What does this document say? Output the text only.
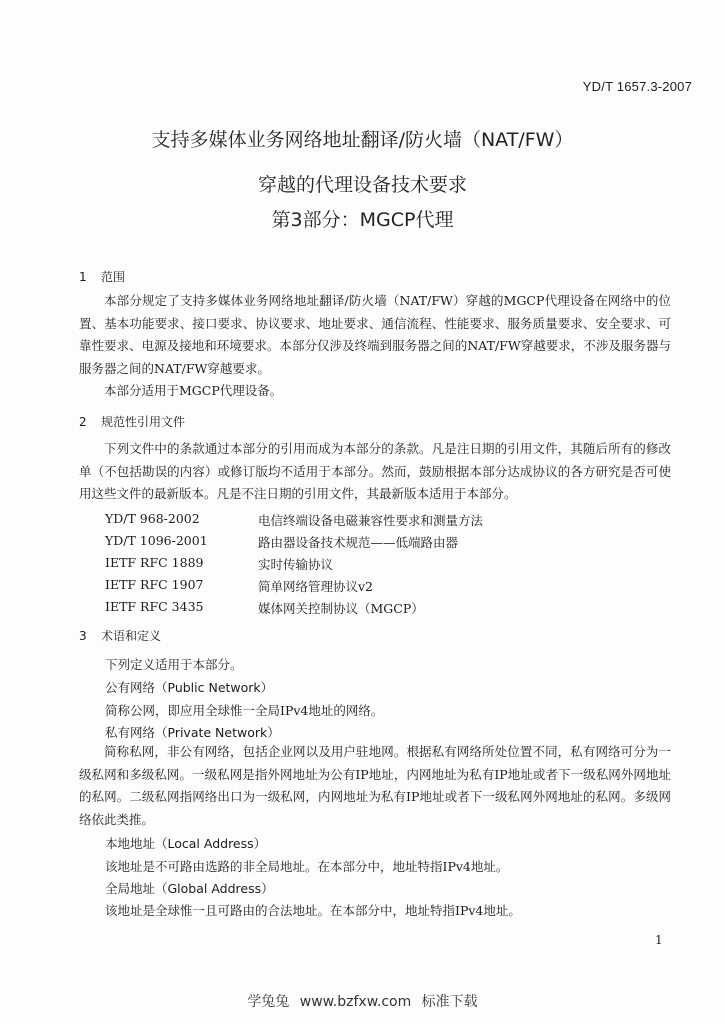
YD/T 1657.3-2007
支持多媒体业务网络地址翻译/防火墙（NAT/FW）
穿越的代理设备技术要求
第3部分：MGCP代理
1 范围

本部分规定了支持多媒体业务网络地址翻译/防火墙（NAT/FW）穿越的MGCP代理设备在网络中的位置、基本功能要求、接口要求、协议要求、地址要求、通信流程、性能要求、服务质量要求、安全要求、可靠性要求、电源及接地和环境要求。本部分仅涉及终端到服务器之间的NAT/FW穿越要求，不涉及服务器与服务器之间的NAT/FW穿越要求。

本部分适用于MGCP代理设备。

2 规范性引用文件

下列文件中的条款通过本部分的引用而成为本部分的条款。凡是注日期的引用文件，其随后所有的修改单（不包括勘误的内容）或修订版均不适用于本部分。然而，鼓励根据本部分达成协议的各方研究是否可使用这些文件的最新版本。凡是不注日期的引用文件，其最新版本适用于本部分。

YD/T 968-2002	电信终端设备电磁兼容性要求和测量方法
YD/T 1096-2001	路由器设备技术规范——低端路由器
IETF RFC 1889	实时传输协议
IETF RFC 1907	简单网络管理协议v2
IETF RFC 3435	媒体网关控制协议（MGCP）
3 术语和定义
下列定义适用于本部分。
公有网络（Public Network）
简称公网，即应用全球惟一全局IPv4地址的网络。
私有网络（Private Network）

简称私网，非公有网络，包括企业网以及用户驻地网。根据私有网络所处位置不同，私有网络可分为一级私网和多级私网。一级私网是指外网地址为公有IP地址，内网地址为私有IP地址或者下一级私网外网地址的私网。二级私网指网络出口为一级私网，内网地址为私有IP地址或者下一级私网外网地址的私网。多级网络依此类推。

本地地址（Local Address）
该地址是不可路由选路的非全局地址。在本部分中，地址特指IPv4地址。
全局地址（Global Address）
该地址是全球惟一且可路由的合法地址。在本部分中，地址特指IPv4地址。
1
学兔兔 www.bzfxw.com 标准下载
